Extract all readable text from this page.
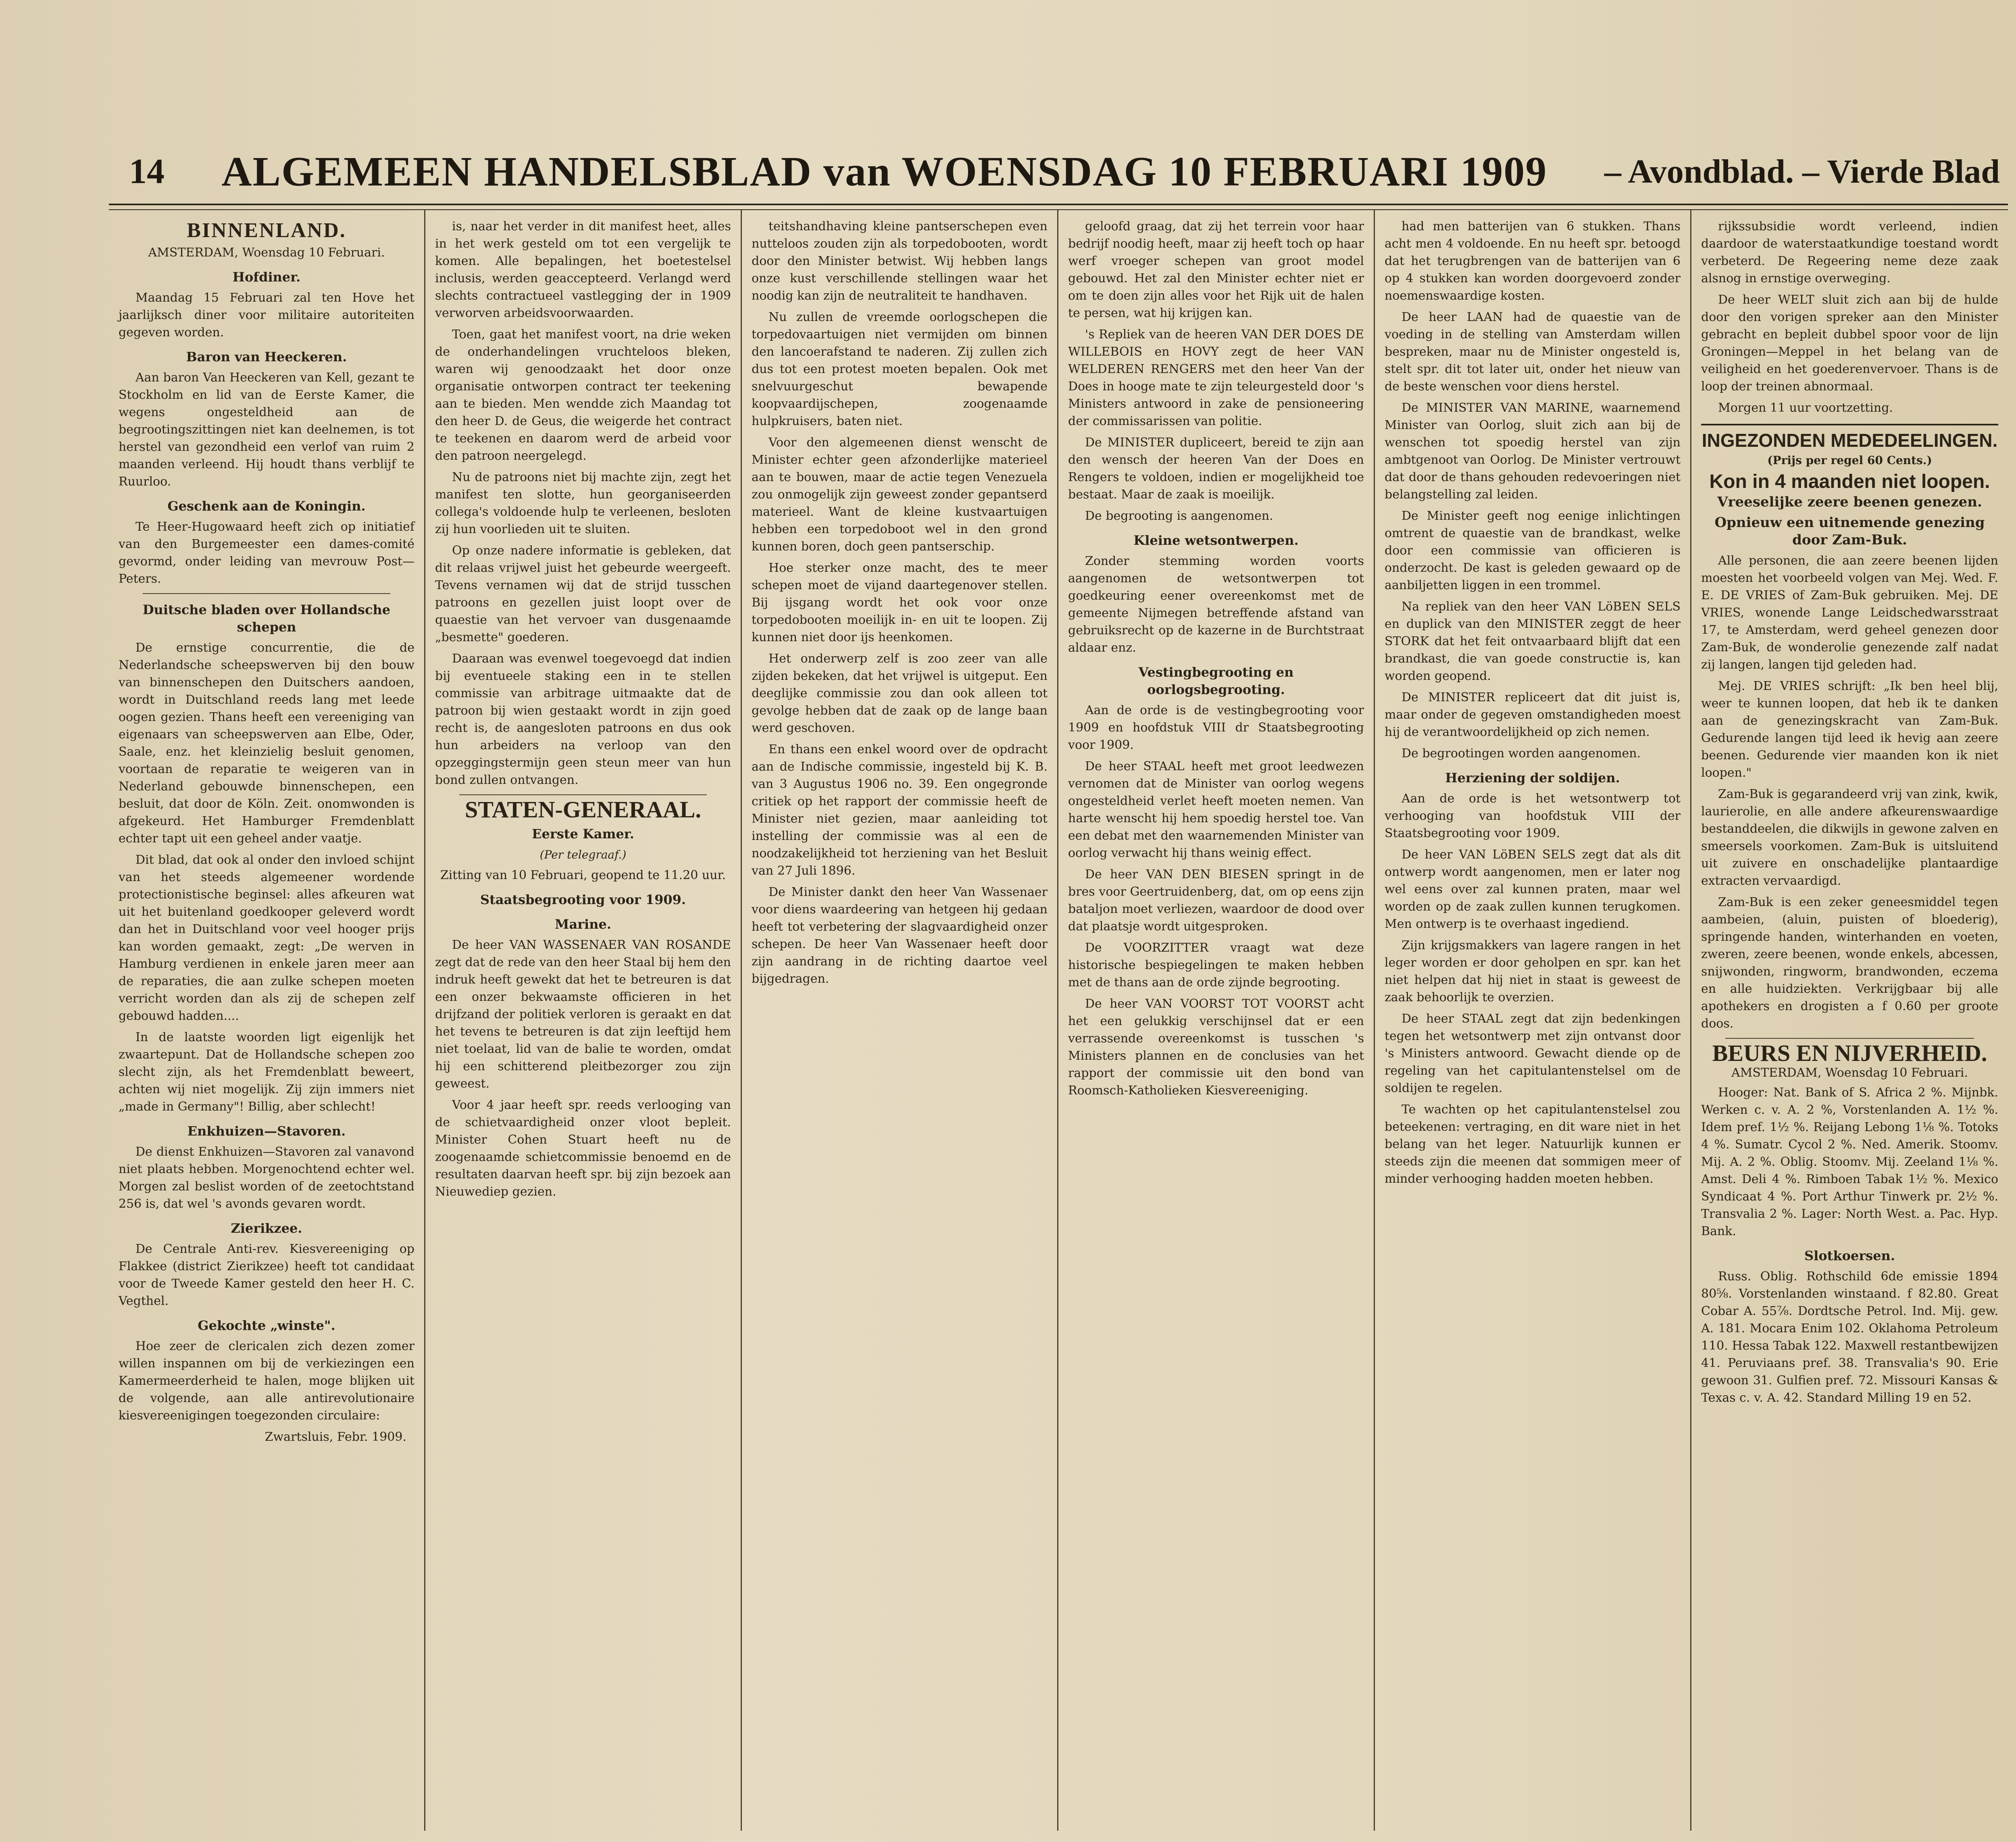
14 ALGEMEEN HANDELSBLAD van WOENSDAG 10 FEBRUARI 1909 – Avondblad. – Vierde Blad
BINNENLAND.
AMSTERDAM, Woensdag 10 Februari.
Hofdiner.

Maandag 15 Februari zal ten Hove het jaarlijksch diner voor militaire autoriteiten gegeven worden.

Baron van Heeckeren.

Aan baron Van Heeckeren van Kell, gezant te Stockholm en lid van de Eerste Kamer, die wegens ongesteldheid aan de begrootingszittingen niet kan deelnemen, is tot herstel van gezondheid een verlof van ruim 2 maanden verleend. Hij houdt thans verblijf te Ruurloo.

Geschenk aan de Koningin.

Te Heer-Hugowaard heeft zich op initiatief van den Burgemeester een dames-comité gevormd, onder leiding van mevrouw Post—Peters.

Duitsche bladen over Hollandsche schepen

De ernstige concurrentie, die de Nederlandsche scheepswerven bij den bouw van binnenschepen den Duitschers aandoen, wordt in Duitschland reeds lang met leede oogen gezien. Thans heeft een vereeniging van eigenaars van scheepswerven aan Elbe, Oder, Saale, enz. het kleinzielig besluit genomen, voortaan de reparatie te weigeren van in Nederland gebouwde binnenschepen, een besluit, dat door de Köln. Zeit. onomwonden is afgekeurd. Het Hamburger Fremdenblatt echter tapt uit een geheel ander vaatje.

Dit blad, dat ook al onder den invloed schijnt van het steeds algemeener wordende protectionistische beginsel: alles afkeuren wat uit het buitenland goedkooper geleverd wordt dan het in Duitschland voor veel hooger prijs kan worden gemaakt, zegt: „De werven in Hamburg verdienen in enkele jaren meer aan de reparaties, die aan zulke schepen moeten verricht worden dan als zij de schepen zelf gebouwd hadden....

In de laatste woorden ligt eigenlijk het zwaartepunt. Dat de Hollandsche schepen zoo slecht zijn, als het Fremdenblatt beweert, achten wij niet mogelijk. Zij zijn immers niet „made in Germany"! Billig, aber schlecht!

Enkhuizen—Stavoren.

De dienst Enkhuizen—Stavoren zal vanavond niet plaats hebben. Morgenochtend echter wel. Morgen zal beslist worden of de zeetochtstand 256 is, dat wel 's avonds gevaren wordt.

Zierikzee.

De Centrale Anti-rev. Kiesvereeniging op Flakkee (district Zierikzee) heeft tot candidaat voor de Tweede Kamer gesteld den heer H. C. Vegthel.

Gekochte „winste".

Hoe zeer de clericalen zich dezen zomer willen inspannen om bij de verkiezingen een Kamermeerderheid te halen, moge blijken uit de volgende, aan alle antirevolutionaire kiesvereenigingen toegezonden circulaire:

Zwartsluis, Febr. 1909.

is, naar het verder in dit manifest heet, alles in het werk gesteld om tot een vergelijk te komen. Alle bepalingen, het boetestelsel inclusis, werden geaccepteerd. Verlangd werd slechts contractueel vastlegging der in 1909 verworven arbeidsvoorwaarden.

Toen, gaat het manifest voort, na drie weken de onderhandelingen vruchteloos bleken, waren wij genoodzaakt het door onze organisatie ontworpen contract ter teekening aan te bieden. Men wendde zich Maandag tot den heer D. de Geus, die weigerde het contract te teekenen en daarom werd de arbeid voor den patroon neergelegd.

Nu de patroons niet bij machte zijn, zegt het manifest ten slotte, hun georganiseerden collega's voldoende hulp te verleenen, besloten zij hun voorlieden uit te sluiten.

Op onze nadere informatie is gebleken, dat dit relaas vrijwel juist het gebeurde weergeeft. Tevens vernamen wij dat de strijd tusschen patroons en gezellen juist loopt over de quaestie van het vervoer van dusgenaamde „besmette" goederen.

Daaraan was evenwel toegevoegd dat indien bij eventueele staking een in te stellen commissie van arbitrage uitmaakte dat de patroon bij wien gestaakt wordt in zijn goed recht is, de aangesloten patroons en dus ook hun arbeiders na verloop van den opzeggingstermijn geen steun meer van hun bond zullen ontvangen.

STATEN-GENERAAL.
Eerste Kamer.
(Per telegraaf.)
Zitting van 10 Februari, geopend te 11.20 uur.
Staatsbegrooting voor 1909.
Marine.

De heer VAN WASSENAER VAN ROSANDE zegt dat de rede van den heer Staal bij hem den indruk heeft gewekt dat het te betreuren is dat een onzer bekwaamste officieren in het drijfzand der politiek verloren is geraakt en dat het tevens te betreuren is dat zijn leeftijd hem niet toelaat, lid van de balie te worden, omdat hij een schitterend pleitbezorger zou zijn geweest.

Voor 4 jaar heeft spr. reeds verlooging van de schietvaardigheid onzer vloot bepleit. Minister Cohen Stuart heeft nu de zoogenaamde schietcommissie benoemd en de resultaten daarvan heeft spr. bij zijn bezoek aan Nieuwediep gezien.

teitshandhaving kleine pantserschepen even nutteloos zouden zijn als torpedobooten, wordt door den Minister betwist. Wij hebben langs onze kust verschillende stellingen waar het noodig kan zijn de neutraliteit te handhaven.

Nu zullen de vreemde oorlogschepen die torpedovaartuigen niet vermijden om binnen den lancoerafstand te naderen. Zij zullen zich dus tot een protest moeten bepalen. Ook met snelvuurgeschut bewapende koopvaardijschepen, zoogenaamde hulpkruisers, baten niet.

Voor den algemeenen dienst wenscht de Minister echter geen afzonderlijke materieel aan te bouwen, maar de actie tegen Venezuela zou onmogelijk zijn geweest zonder gepantserd materieel. Want de kleine kustvaartuigen hebben een torpedoboot wel in den grond kunnen boren, doch geen pantserschip.

Hoe sterker onze macht, des te meer schepen moet de vijand daartegenover stellen. Bij ijsgang wordt het ook voor onze torpedobooten moeilijk in- en uit te loopen. Zij kunnen niet door ijs heenkomen.

Het onderwerp zelf is zoo zeer van alle zijden bekeken, dat het vrijwel is uitgeput. Een deeglijke commissie zou dan ook alleen tot gevolge hebben dat de zaak op de lange baan werd geschoven.

En thans een enkel woord over de opdracht aan de Indische commissie, ingesteld bij K. B. van 3 Augustus 1906 no. 39. Een ongegronde critiek op het rapport der commissie heeft de Minister niet gezien, maar aanleiding tot instelling der commissie was al een de noodzakelijkheid tot herziening van het Besluit van 27 Juli 1896.

De Minister dankt den heer Van Wassenaer voor diens waardeering van hetgeen hij gedaan heeft tot verbetering der slagvaardigheid onzer schepen. De heer Van Wassenaer heeft door zijn aandrang in de richting daartoe veel bijgedragen.

geloofd graag, dat zij het terrein voor haar bedrijf noodig heeft, maar zij heeft toch op haar werf vroeger schepen van groot model gebouwd. Het zal den Minister echter niet er om te doen zijn alles voor het Rijk uit de halen te persen, wat hij krijgen kan.

's Repliek van de heeren VAN DER DOES DE WILLEBOIS en HOVY zegt de heer VAN WELDEREN RENGERS met den heer Van der Does in hooge mate te zijn teleurgesteld door 's Ministers antwoord in zake de pensioneering der commissarissen van politie.

De MINISTER dupliceert, bereid te zijn aan den wensch der heeren Van der Does en Rengers te voldoen, indien er mogelijkheid toe bestaat. Maar de zaak is moeilijk.

De begrooting is aangenomen.

Kleine wetsontwerpen.

Zonder stemming worden voorts aangenomen de wetsontwerpen tot goedkeuring eener overeenkomst met de gemeente Nijmegen betreffende afstand van gebruiksrecht op de kazerne in de Burchtstraat aldaar enz.

Vestingbegrooting en oorlogsbegrooting.

Aan de orde is de vestingbegrooting voor 1909 en hoofdstuk VIII dr Staatsbegrooting voor 1909.

De heer STAAL heeft met groot leedwezen vernomen dat de Minister van oorlog wegens ongesteldheid verlet heeft moeten nemen. Van harte wenscht hij hem spoedig herstel toe. Van een debat met den waarnemenden Minister van oorlog verwacht hij thans weinig effect.

De heer VAN DEN BIESEN springt in de bres voor Geertruidenberg, dat, om op eens zijn bataljon moet verliezen, waardoor de dood over dat plaatsje wordt uitgesproken.

De VOORZITTER vraagt wat deze historische bespiegelingen te maken hebben met de thans aan de orde zijnde begrooting.

De heer VAN VOORST TOT VOORST acht het een gelukkig verschijnsel dat er een verrassende overeenkomst is tusschen 's Ministers plannen en de conclusies van het rapport der commissie uit den bond van Roomsch-Katholieken Kiesvereeniging.

had men batterijen van 6 stukken. Thans acht men 4 voldoende. En nu heeft spr. betoogd dat het terugbrengen van de batterijen van 6 op 4 stukken kan worden doorgevoerd zonder noemenswaardige kosten.

De heer LAAN had de quaestie van de voeding in de stelling van Amsterdam willen bespreken, maar nu de Minister ongesteld is, stelt spr. dit tot later uit, onder het nieuw van de beste wenschen voor diens herstel.

De MINISTER VAN MARINE, waarnemend Minister van Oorlog, sluit zich aan bij de wenschen tot spoedig herstel van zijn ambtgenoot van Oorlog. De Minister vertrouwt dat door de thans gehouden redevoeringen niet belangstelling zal leiden.

De Minister geeft nog eenige inlichtingen omtrent de quaestie van de brandkast, welke door een commissie van officieren is onderzocht. De kast is geleden gewaard op de aanbiljetten liggen in een trommel.

Na repliek van den heer VAN LöBEN SELS en duplick van den MINISTER zeggt de heer STORK dat het feit ontvaarbaard blijft dat een brandkast, die van goede constructie is, kan worden geopend.

De MINISTER repliceert dat dit juist is, maar onder de gegeven omstandigheden moest hij de verantwoordelijkheid op zich nemen.

De begrootingen worden aangenomen.

Herziening der soldijen.

Aan de orde is het wetsontwerp tot verhooging van hoofdstuk VIII der Staatsbegrooting voor 1909.

De heer VAN LöBEN SELS zegt dat als dit ontwerp wordt aangenomen, men er later nog wel eens over zal kunnen praten, maar wel worden op de zaak zullen kunnen terugkomen. Men ontwerp is te overhaast ingediend.

Zijn krijgsmakkers van lagere rangen in het leger worden er door geholpen en spr. kan het niet helpen dat hij niet in staat is geweest de zaak behoorlijk te overzien.

De heer STAAL zegt dat zijn bedenkingen tegen het wetsontwerp met zijn ontvanst door 's Ministers antwoord. Gewacht diende op de regeling van het capitulantenstelsel om de soldijen te regelen.

Te wachten op het capitulantenstelsel zou beteekenen: vertraging, en dit ware niet in het belang van het leger. Natuurlijk kunnen er steeds zijn die meenen dat sommigen meer of minder verhooging hadden moeten hebben.

rijkssubsidie wordt verleend, indien daardoor de waterstaatkundige toestand wordt verbeterd. De Regeering neme deze zaak alsnog in ernstige overweging.

De heer WELT sluit zich aan bij de hulde door den vorigen spreker aan den Minister gebracht en bepleit dubbel spoor voor de lijn Groningen—Meppel in het belang van de veiligheid en het goederenvervoer. Thans is de loop der treinen abnormaal.

Morgen 11 uur voortzetting.

INGEZONDEN MEDEDEELINGEN.
(Prijs per regel 60 Cents.)
Kon in 4 maanden niet loopen.
Vreeselijke zeere beenen genezen.
Opnieuw een uitnemende genezing door Zam-Buk.

Alle personen, die aan zeere beenen lijden moesten het voorbeeld volgen van Mej. Wed. F. E. DE VRIES of Zam-Buk gebruiken. Mej. DE VRIES, wonende Lange Leidschedwarsstraat 17, te Amsterdam, werd geheel genezen door Zam-Buk, de wonderolie genezende zalf nadat zij langen, langen tijd geleden had.

Mej. DE VRIES schrijft: „Ik ben heel blij, weer te kunnen loopen, dat heb ik te danken aan de genezingskracht van Zam-Buk. Gedurende langen tijd leed ik hevig aan zeere beenen. Gedurende vier maanden kon ik niet loopen."

Zam-Buk is gegarandeerd vrij van zink, kwik, laurierolie, en alle andere afkeurenswaardige bestanddeelen, die dikwijls in gewone zalven en smeersels voorkomen. Zam-Buk is uitsluitend uit zuivere en onschadelijke plantaardige extracten vervaardigd.

Zam-Buk is een zeker geneesmiddel tegen aambeien, (aluin, puisten of bloederig), springende handen, winterhanden en voeten, zweren, zeere beenen, wonde enkels, abcessen, snijwonden, ringworm, brandwonden, eczema en alle huidziekten. Verkrijgbaar bij alle apothekers en drogisten a f 0.60 per groote doos.

BEURS EN NIJVERHEID.
AMSTERDAM, Woensdag 10 Februari.

Hooger: Nat. Bank of S. Africa 2 %. Mijnbk. Werken c. v. A. 2 %, Vorstenlanden A. 1½ %. Idem pref. 1½ %. Reijang Lebong 1⅛ %. Totoks 4 %. Sumatr. Cycol 2 %. Ned. Amerik. Stoomv. Mij. A. 2 %. Oblig. Stoomv. Mij. Zeeland 1⅛ %. Amst. Deli 4 %. Rimboen Tabak 1½ %. Mexico Syndicaat 4 %. Port Arthur Tinwerk pr. 2½ %. Transvalia 2 %. Lager: North West. a. Pac. Hyp. Bank.

Slotkoersen.

Russ. Oblig. Rothschild 6de emissie 1894 80⅝. Vorstenlanden winstaand. f 82.80. Great Cobar A. 55⅞. Dordtsche Petrol. Ind. Mij. gew. A. 181. Mocara Enim 102. Oklahoma Petroleum 110. Hessa Tabak 122. Maxwell restantbewijzen 41. Peruviaans pref. 38. Transvalia's 90. Erie gewoon 31. Gulfien pref. 72. Missouri Kansas & Texas c. v. A. 42. Standard Milling 19 en 52.
